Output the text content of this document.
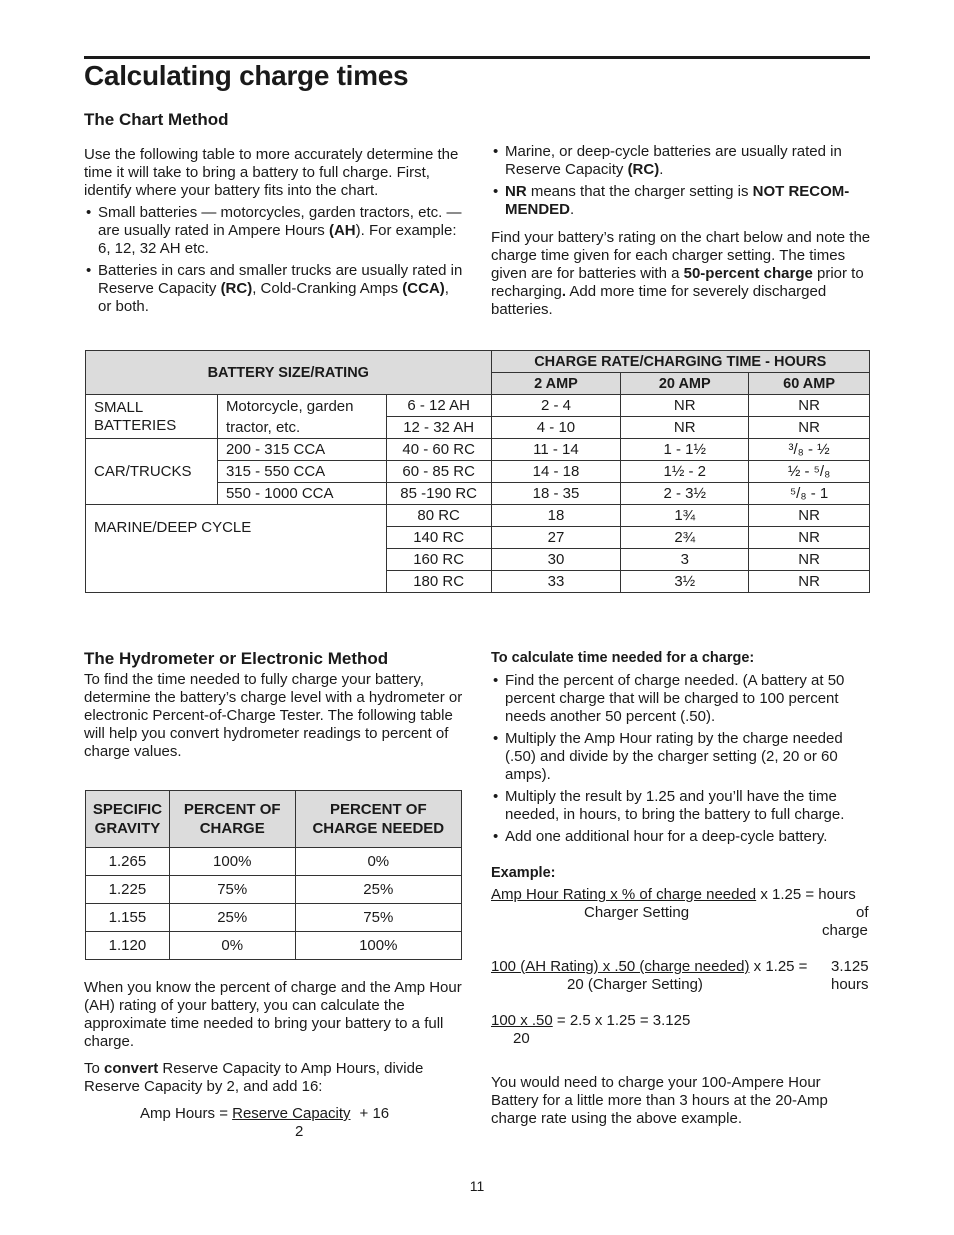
Calculating charge times
The Chart Method

Use the following table to more accurately determine the time it will take to bring a battery to full charge. First, identify where your battery fits into the chart.

• Small batteries — motorcycles, garden tractors, etc. — are usually rated in Ampere Hours (AH). For example: 6, 12, 32 AH etc.
• Batteries in cars and smaller trucks are usually rated in Reserve Capacity (RC), Cold-Cranking Amps (CCA), or both.
• Marine, or deep-cycle batteries are usually rated in Reserve Capacity (RC).
• NR means that the charger setting is NOT RECOMMENDED.

Find your battery’s rating on the chart below and note the charge time given for each charger setting. The times given are for batteries with a 50-percent charge prior to recharging. Add more time for severely discharged batteries.

BATTERY SIZE/RATING			CHARGE RATE/CHARGING TIME - HOURS		
			2 AMP	20 AMP	60 AMP
SMALL BATTERIES	Motorcycle, garden tractor, etc.	6 - 12 AH	2 - 4	NR	NR
		12 - 32 AH	4 - 10	NR	NR
CAR/TRUCKS	200 - 315 CCA	40 - 60 RC	11 - 14	1 - 1½	³/₈ - ½
	315 - 550 CCA	60 - 85 RC	14 - 18	1½ - 2	½ - ⁵/₈
	550 - 1000 CCA	85 -190 RC	18 - 35	2 - 3½	⁵/₈ - 1
MARINE/DEEP CYCLE		80 RC	18	1¾	NR
		140 RC	27	2¾	NR
		160 RC	30	3	NR
		180 RC	33	3½	NR
The Hydrometer or Electronic Method
To find the time needed to fully charge your battery, determine the battery’s charge level with a hydrometer or electronic Percent-of-Charge Tester. The following table will help you convert hydrometer readings to percent of charge values.
SPECIFIC GRAVITY	PERCENT OF CHARGE	PERCENT OF CHARGE NEEDED
1.265	100%	0%
1.225	75%	25%
1.155	25%	75%
1.120	0%	100%
When you know the percent of charge and the Amp Hour (AH) rating of your battery, you can calculate the approximate time needed to bring your battery to a full charge.
To convert Reserve Capacity to Amp Hours, divide Reserve Capacity by 2, and add 16:
Amp Hours = Reserve Capacity + 16
2

To calculate time needed for a charge:

• Find the percent of charge needed. (A battery at 50 percent charge that will be charged to 100 percent needs another 50 percent (.50).
• Multiply the Amp Hour rating by the charge needed (.50) and divide by the charger setting (2, 20 or 60 amps).
• Multiply the result by 1.25 and you’ll have the time needed, in hours, to bring the battery to full charge.
• Add one additional hour for a deep-cycle battery.
Example:
Amp Hour Rating x % of charge needed x 1.25 = hours
Charger Setting	of
charge
100 (AH Rating) x .50 (charge needed) x 1.25 = 3.125
20 (Charger Setting)	hours
100 x .50 = 2.5 x 1.25 = 3.125
20
You would need to charge your 100-Ampere Hour Battery for a little more than 3 hours at the 20-Amp charge rate using the above example.
11
